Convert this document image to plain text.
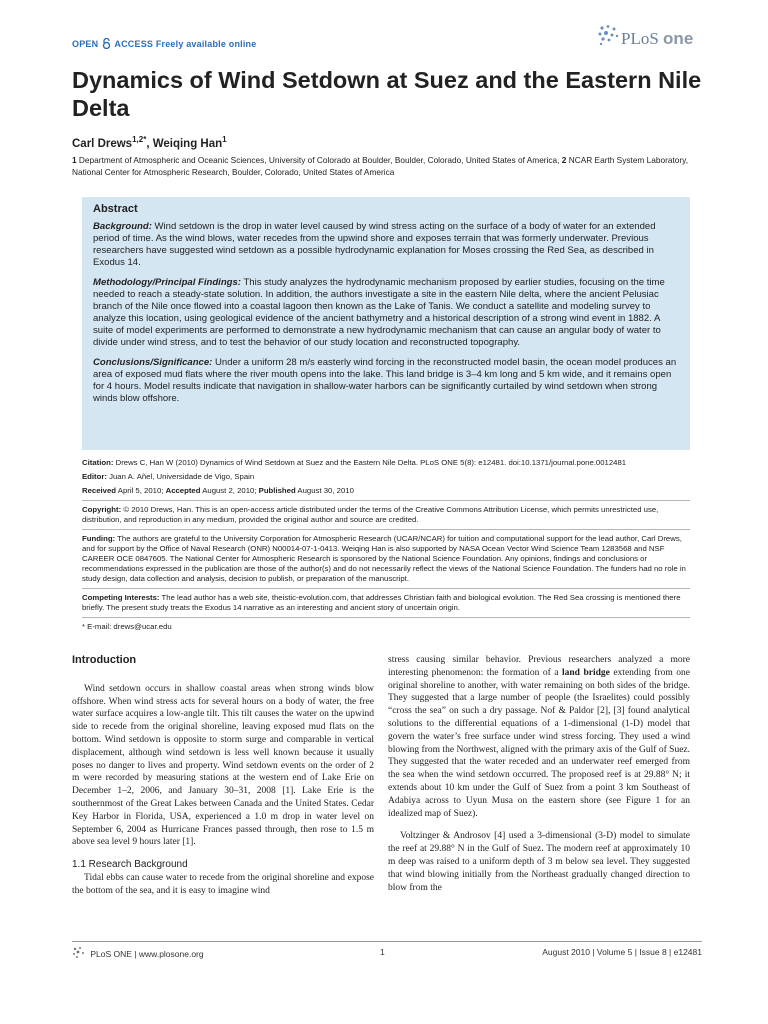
OPEN ACCESS Freely available online	PLoS one
Dynamics of Wind Setdown at Suez and the Eastern Nile Delta
Carl Drews$^{1,2*}$, Weiqing Han$^1$
1 Department of Atmospheric and Oceanic Sciences, University of Colorado at Boulder, Boulder, Colorado, United States of America, 2 NCAR Earth System Laboratory, National Center for Atmospheric Research, Boulder, Colorado, United States of America
Abstract

Background: Wind setdown is the drop in water level caused by wind stress acting on the surface of a body of water for an extended period of time. As the wind blows, water recedes from the upwind shore and exposes terrain that was formerly underwater. Previous researchers have suggested wind setdown as a possible hydrodynamic explanation for Moses crossing the Red Sea, as described in Exodus 14.

Methodology/Principal Findings: This study analyzes the hydrodynamic mechanism proposed by earlier studies, focusing on the time needed to reach a steady-state solution. In addition, the authors investigate a site in the eastern Nile delta, where the ancient Pelusiac branch of the Nile once flowed into a coastal lagoon then known as the Lake of Tanis. We conduct a satellite and modeling survey to analyze this location, using geological evidence of the ancient bathymetry and a historical description of a strong wind event in 1882. A suite of model experiments are performed to demonstrate a new hydrodynamic mechanism that can cause an angular body of water to divide under wind stress, and to test the behavior of our study location and reconstructed topography.

Conclusions/Significance: Under a uniform 28 m/s easterly wind forcing in the reconstructed model basin, the ocean model produces an area of exposed mud flats where the river mouth opens into the lake. This land bridge is 3–4 km long and 5 km wide, and it remains open for 4 hours. Model results indicate that navigation in shallow-water harbors can be significantly curtailed by wind setdown when strong winds blow offshore.

Citation: Drews C, Han W (2010) Dynamics of Wind Setdown at Suez and the Eastern Nile Delta. PLoS ONE 5(8): e12481. doi:10.1371/journal.pone.0012481

Editor: Juan A. Añel, Universidade de Vigo, Spain

Received April 5, 2010; Accepted August 2, 2010; Published August 30, 2010

Copyright: © 2010 Drews, Han. This is an open-access article distributed under the terms of the Creative Commons Attribution License, which permits unrestricted use, distribution, and reproduction in any medium, provided the original author and source are credited.

Funding: The authors are grateful to the University Corporation for Atmospheric Research (UCAR/NCAR) for tuition and computational support for the lead author, Carl Drews, and for support by the Office of Naval Research (ONR) N00014-07-1-0413. Weiqing Han is also supported by NASA Ocean Vector Wind Science Team 1283568 and NSF CAREER OCE 0847605. The National Center for Atmospheric Research is sponsored by the National Science Foundation. Any opinions, findings and conclusions or recommendations expressed in the publication are those of the author(s) and do not necessarily reflect the views of the National Science Foundation. The funders had no role in study design, data collection and analysis, decision to publish, or preparation of the manuscript.

Competing Interests: The lead author has a web site, theistic-evolution.com, that addresses Christian faith and biological evolution. The Red Sea crossing is mentioned there briefly. The present study treats the Exodus 14 narrative as an interesting and ancient story of uncertain origin.

* E-mail: drews@ucar.edu

Introduction

Wind setdown occurs in shallow coastal areas when strong winds blow offshore. When wind stress acts for several hours on a body of water, the free water surface acquires a low-angle tilt. This tilt causes the water on the upwind side to recede from the original shoreline, leaving exposed mud flats on the bottom. Wind setdown is opposite to storm surge and comparable in vertical displacement, although wind setdown is less well known because it usually poses no danger to lives and property. Wind setdown events on the order of 2 m were recorded by measuring stations at the western end of Lake Erie on December 1–2, 2006, and January 30–31, 2008 [1]. Lake Erie is the southernmost of the Great Lakes between Canada and the United States. Cedar Key Harbor in Florida, USA, experienced a 1.0 m drop in water level on September 6, 2004 as Hurricane Frances passed through, then rose to 1.5 m above sea level 9 hours later [1].

1.1 Research Background

Tidal ebbs can cause water to recede from the original shoreline and expose the bottom of the sea, and it is easy to imagine wind

stress causing similar behavior. Previous researchers analyzed a more interesting phenomenon: the formation of a land bridge extending from one original shoreline to another, with water remaining on both sides of the bridge. They suggested that a large number of people (the Israelites) could possibly “cross the sea” on such a dry passage. Nof & Paldor [2], [3] found analytical solutions to the differential equations of a 1-dimensional (1-D) model that govern the water’s free surface under wind stress forcing. They used a wind blowing from the Northwest, aligned with the primary axis of the Gulf of Suez. They suggested that the water receded and an underwater reef emerged from the sea when the wind setdown occurred. The proposed reef is at 29.88° N; it extends about 10 km under the Gulf of Suez from a point 3 km Southeast of Adabiya across to Uyun Musa on the eastern shore (see Figure 1 for an idealized map of Suez).

Voltzinger & Androsov [4] used a 3-dimensional (3-D) model to simulate the reef at 29.88° N in the Gulf of Suez. The modern reef at approximately 10 m deep was raised to a uniform depth of 3 m below sea level. They suggested that wind blowing initially from the Northeast gradually changed direction to blow from the

PLoS ONE | www.plosone.org	1	August 2010 | Volume 5 | Issue 8 | e12481
